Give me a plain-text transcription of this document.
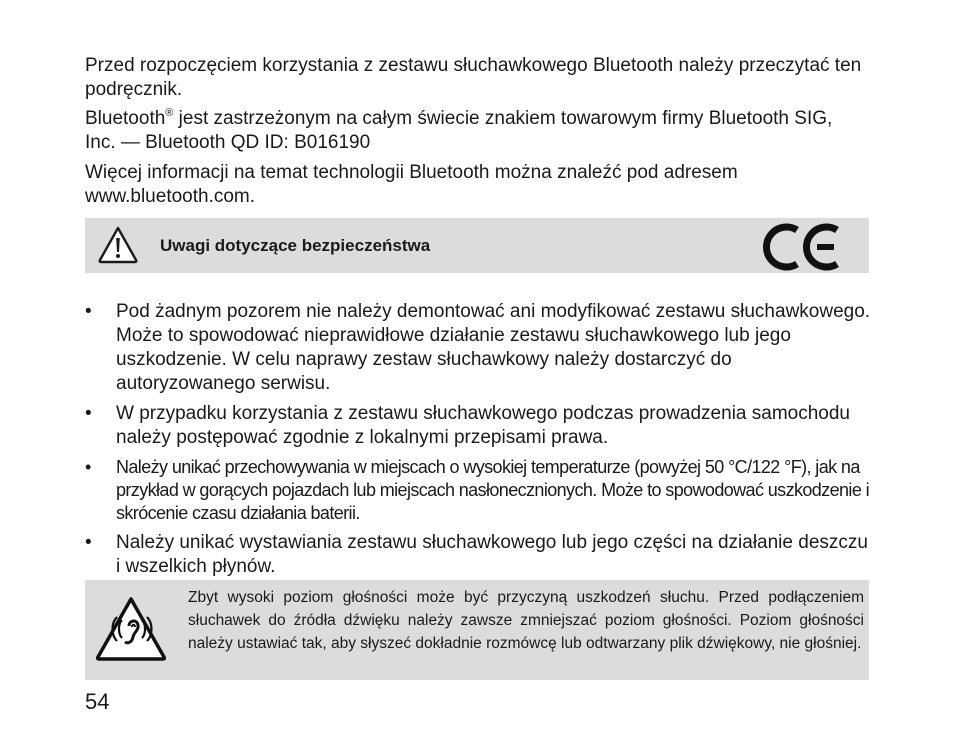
Przed rozpoczęciem korzystania z zestawu słuchawkowego Bluetooth należy przeczytać ten podręcznik.

Bluetooth® jest zastrzeżonym na całym świecie znakiem towarowym firmy Bluetooth SIG, Inc. — Bluetooth QD ID: B016190

Więcej informacji na temat technologii Bluetooth można znaleźć pod adresem www.bluetooth.com.

Uwagi dotyczące bezpieczeństwa
• Pod żadnym pozorem nie należy demontować ani modyfikować zestawu słuchawkowego. Może to spowodować nieprawidłowe działanie zestawu słuchawkowego lub jego uszkodzenie. W celu naprawy zestaw słuchawkowy należy dostarczyć do autoryzowanego serwisu.
• W przypadku korzystania z zestawu słuchawkowego podczas prowadzenia samochodu należy postępować zgodnie z lokalnymi przepisami prawa.
• Należy unikać przechowywania w miejscach o wysokiej temperaturze (powyżej 50 °C/122 °F), jak na przykład w gorących pojazdach lub miejscach nasłonecznionych. Może to spowodować uszkodzenie i skrócenie czasu działania baterii.
• Należy unikać wystawiania zestawu słuchawkowego lub jego części na działanie deszczu i wszelkich płynów.

Zbyt wysoki poziom głośności może być przyczyną uszkodzeń słuchu. Przed podłączeniem słuchawek do źródła dźwięku należy zawsze zmniejszać poziom głośności. Poziom głośności należy ustawiać tak, aby słyszeć dokładnie rozmówcę lub odtwarzany plik dźwiękowy, nie głośniej.

54
